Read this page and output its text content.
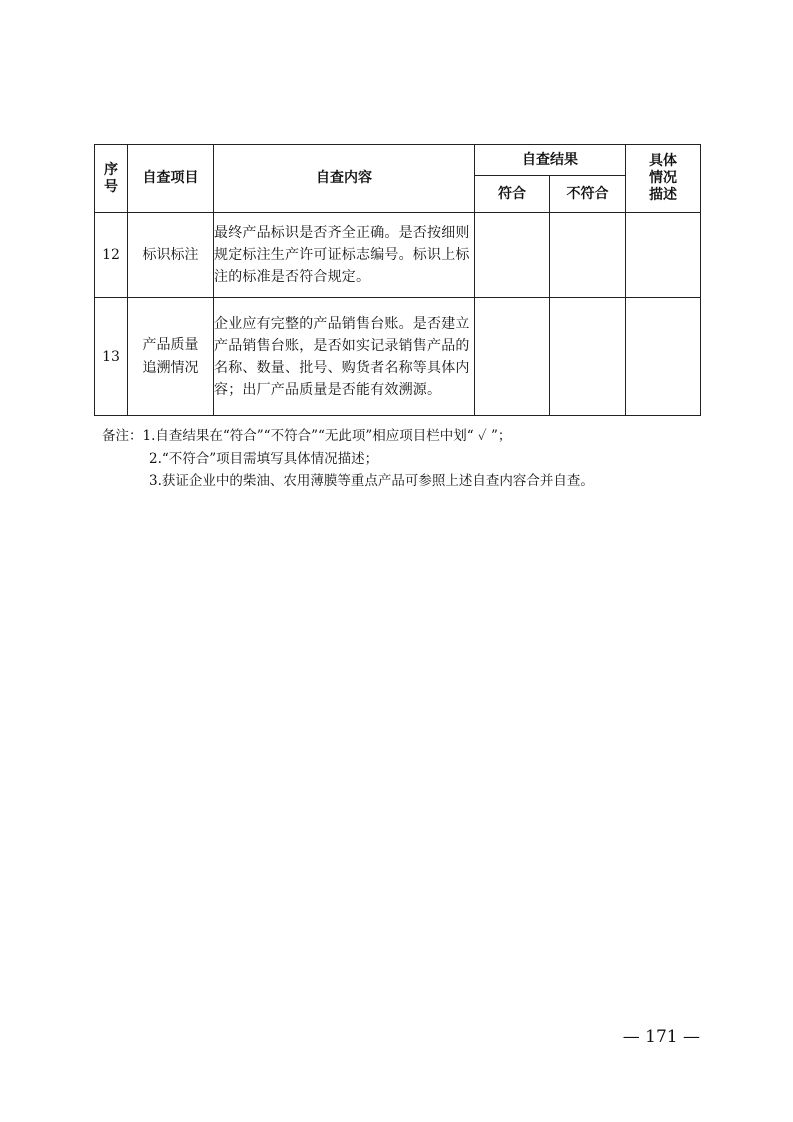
序号	自查项目	自查内容	自查结果		具体情况描述
			符合	不符合	
12	标识标注	最终产品标识是否齐全正确。是否按细则规定标注生产许可证标志编号。标识上标注的标准是否符合规定。			
13	产品质量追溯情况	企业应有完整的产品销售台账。是否建立产品销售台账，是否如实记录销售产品的名称、数量、批号、购货者名称等具体内容；出厂产品质量是否能有效溯源。			
备注：1.自查结果在“符合”“不符合”“无此项”相应项目栏中划“ ✓ ”；
2.“不符合”项目需填写具体情况描述；
3.获证企业中的柴油、农用薄膜等重点产品可参照上述自查内容合并自查。
— 171 —
